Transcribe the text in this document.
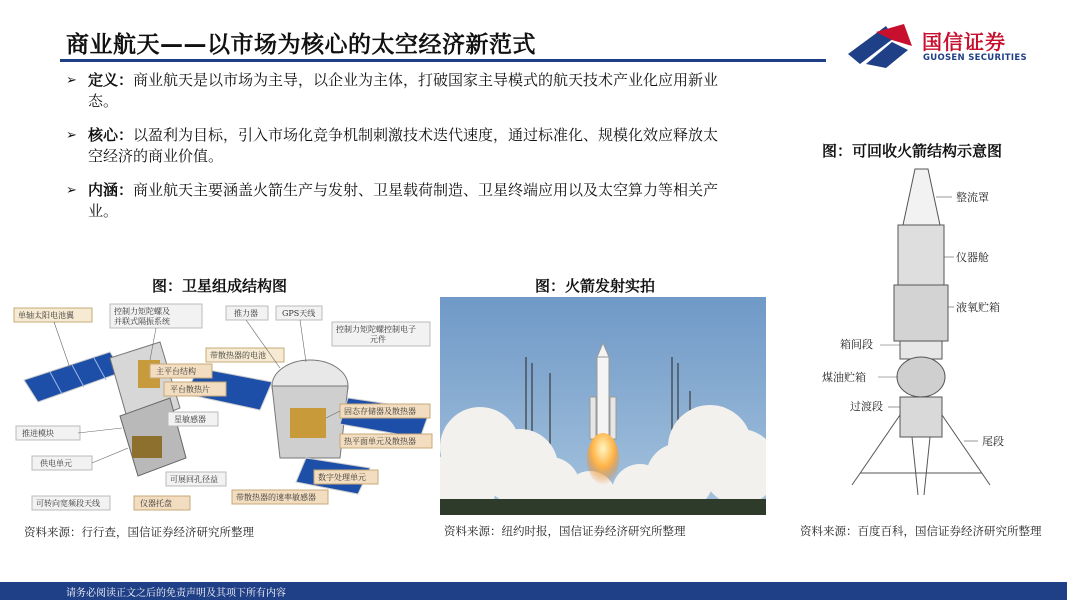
商业航天——以市场为核心的太空经济新范式	国信证券
GUOSEN SECURITIES
➢ 定义：商业航天是以市场为主导，以企业为主体，打破国家主导模式的航天技术产业化应用新业态。
➢ 核心：以盈利为目标，引入市场化竞争机制刺激技术迭代速度，通过标准化、规模化效应释放太空经济的商业价值。
➢ 内涵：商业航天主要涵盖火箭生产与发射、卫星载荷制造、卫星终端应用以及太空算力等相关产业。
图：卫星组成结构图	图：火箭发射实拍
图：可回收火箭结构示意图
单轴太阳电池翼	控制力矩陀螺及
并联式隔振系统
推力器	GPS天线
控制力矩陀螺控制电子
元件
带散热器的电池
主平台结构
平台散热片
星敏感器
推进模块
固态存储器及散热器
供电单元
热平面单元及散热器
可展回孔径益	数字处理单元
可转向宽频段天线	仪器托盘
带散热器的速率敏感器
整流罩
仪器舱
液氧贮箱
箱间段
煤油贮箱
过渡段
尾段
资料来源：行行查，国信证券经济研究所整理	资料来源：纽约时报，国信证券经济研究所整理	资料来源：百度百科，国信证券经济研究所整理
请务必阅读正文之后的免责声明及其项下所有内容
